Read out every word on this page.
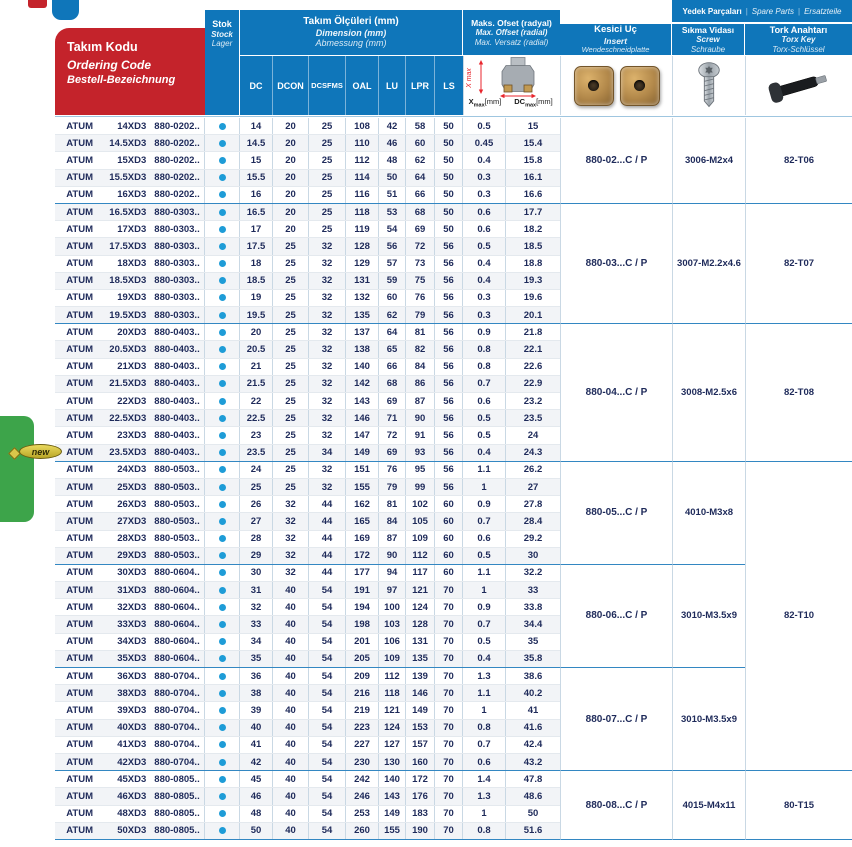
Takım Kodu
Ordering Code
Bestell-Bezeichnung
Stok
Stock
Lager
Takım Ölçüleri (mm)
Dimension (mm)
Abmessung (mm)
Maks. Ofset (radyal)
Max. Offset (radial)
Max. Versatz (radial)
Yedek Parçaları | Spare Parts | Ersatzteile
Kesici Uç
Insert
Wendeschneidplatte
Sıkma Vidası
Screw
Schraube
Tork Anahtarı
Torx Key
Torx-Schlüssel
DC	DCON DCSFMS	OAL	LU	LPR	LS	X max
$X_{max}[mm]$	$DC_{max}[mm]$
ATUM	14XD3 880-0202..	14	20	25	108	42	58	50	0.5	15
ATUM	14.5XD3 880-0202..	14.5	20	25	110	46	60	50	0.45	15.4
ATUM	15XD3 880-0202..	15	20	25	112	48	62	50	0.4	15.8
ATUM	15.5XD3 880-0202..	15.5	20	25	114	50	64	50	0.3	16.1
ATUM	16XD3 880-0202..	16	20	25	116	51	66	50	0.3	16.6
ATUM	16.5XD3 880-0303..	16.5	20	25	118	53	68	50	0.6	17.7
ATUM	17XD3 880-0303..	17	20	25	119	54	69	50	0.6	18.2
ATUM	17.5XD3 880-0303..	17.5	25	32	128	56	72	56	0.5	18.5
ATUM	18XD3 880-0303..	18	25	32	129	57	73	56	0.4	18.8
ATUM	18.5XD3 880-0303..	18.5	25	32	131	59	75	56	0.4	19.3
ATUM	19XD3 880-0303..	19	25	32	132	60	76	56	0.3	19.6
ATUM	19.5XD3 880-0303..	19.5	25	32	135	62	79	56	0.3	20.1
ATUM	20XD3 880-0403..	20	25	32	137	64	81	56	0.9	21.8
ATUM	20.5XD3 880-0403..	20.5	25	32	138	65	82	56	0.8	22.1
ATUM	21XD3 880-0403..	21	25	32	140	66	84	56	0.8	22.6
ATUM	21.5XD3 880-0403..	21.5	25	32	142	68	86	56	0.7	22.9
ATUM	22XD3 880-0403..	22	25	32	143	69	87	56	0.6	23.2
ATUM	22.5XD3 880-0403..	22.5	25	32	146	71	90	56	0.5	23.5
ATUM	23XD3 880-0403..	23	25	32	147	72	91	56	0.5	24
ATUM	23.5XD3 880-0403..	23.5	25	34	149	69	93	56	0.4	24.3
ATUM	24XD3 880-0503..	24	25	32	151	76	95	56	1.1	26.2
ATUM	25XD3 880-0503..	25	25	32	155	79	99	56	1	27
ATUM	26XD3 880-0503..	26	32	44	162	81	102	60	0.9	27.8
ATUM	27XD3 880-0503..	27	32	44	165	84	105	60	0.7	28.4
ATUM	28XD3 880-0503..	28	32	44	169	87	109	60	0.6	29.2
ATUM	29XD3 880-0503..	29	32	44	172	90	112	60	0.5	30
ATUM	30XD3 880-0604..	30	32	44	177	94	117	60	1.1	32.2
ATUM	31XD3 880-0604..	31	40	54	191	97	121	70	1	33
ATUM	32XD3 880-0604..	32	40	54	194	100	124	70	0.9	33.8
ATUM	33XD3 880-0604..	33	40	54	198	103	128	70	0.7	34.4
ATUM	34XD3 880-0604..	34	40	54	201	106	131	70	0.5	35
ATUM	35XD3 880-0604..	35	40	54	205	109	135	70	0.4	35.8
ATUM	36XD3 880-0704..	36	40	54	209	112	139	70	1.3	38.6
ATUM	38XD3 880-0704..	38	40	54	216	118	146	70	1.1	40.2
ATUM	39XD3 880-0704..	39	40	54	219	121	149	70	1	41
ATUM	40XD3 880-0704..	40	40	54	223	124	153	70	0.8	41.6
ATUM	41XD3 880-0704..	41	40	54	227	127	157	70	0.7	42.4
ATUM	42XD3 880-0704..	42	40	54	230	130	160	70	0.6	43.2
ATUM	45XD3 880-0805..	45	40	54	242	140	172	70	1.4	47.8
ATUM	46XD3 880-0805..	46	40	54	246	143	176	70	1.3	48.6
ATUM	48XD3 880-0805..	48	40	54	253	149	183	70	1	50
ATUM	50XD3 880-0805..	50	40	54	260	155	190	70	0.8	51.6
880-02...C / P
880-03...C / P
880-04...C / P
880-05...C / P
880-06...C / P
880-07...C / P
880-08...C / P
3006-M2x4
3007-M2.2x4.6
3008-M2.5x6
4010-M3x8
3010-M3.5x9
3010-M3.5x9
4015-M4x11
82-T06
82-T07
82-T08
82-T10
80-T15
new
